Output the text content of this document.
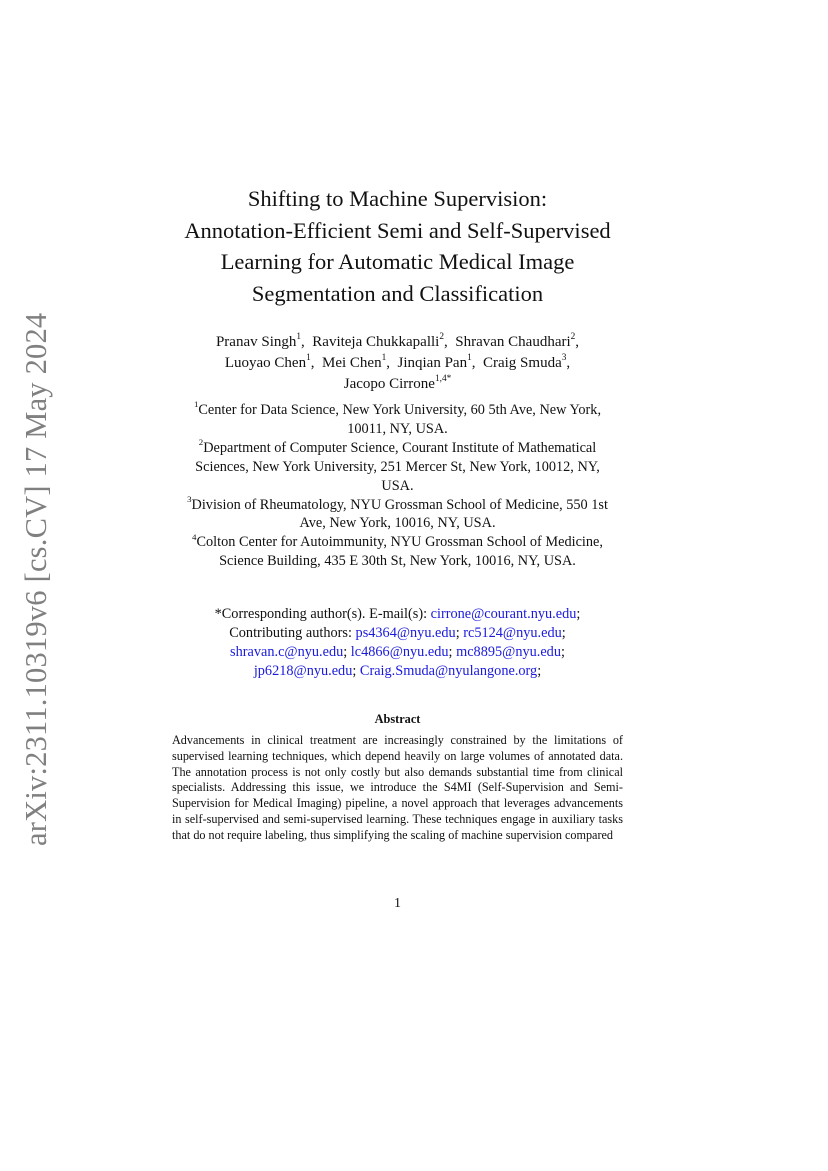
arXiv:2311.10319v6 [cs.CV] 17 May 2024
Shifting to Machine Supervision:
Annotation-Efficient Semi and Self-Supervised
Learning for Automatic Medical Image
Segmentation and Classification
Pranav Singh$^1$,  Raviteja Chukkapalli$^2$,  Shravan Chaudhari$^2$,
Luoyao Chen$^1$,  Mei Chen$^1$,  Jinqian Pan$^1$,  Craig Smuda$^3$,
Jacopo Cirrone$^{1,4*}$
$^1$Center for Data Science, New York University, 60 5th Ave, New York,
10011, NY, USA.
$^2$Department of Computer Science, Courant Institute of Mathematical
Sciences, New York University, 251 Mercer St, New York, 10012, NY,
USA.
$^3$Division of Rheumatology, NYU Grossman School of Medicine, 550 1st
Ave, New York, 10016, NY, USA.
$^4$Colton Center for Autoimmunity, NYU Grossman School of Medicine,
Science Building, 435 E 30th St, New York, 10016, NY, USA.
*Corresponding author(s). E-mail(s): cirrone@courant.nyu.edu;
Contributing authors: ps4364@nyu.edu; rc5124@nyu.edu;
shravan.c@nyu.edu; lc4866@nyu.edu; mc8895@nyu.edu;
jp6218@nyu.edu; Craig.Smuda@nyulangone.org;
Abstract

Advancements in clinical treatment are increasingly constrained by the limitations of supervised learning techniques, which depend heavily on large volumes of annotated data. The annotation process is not only costly but also demands substantial time from clinical specialists. Addressing this issue, we introduce the S4MI (Self-Supervision and Semi-Supervision for Medical Imaging) pipeline, a novel approach that leverages advancements in self-supervised and semi-supervised learning. These techniques engage in auxiliary tasks that do not require labeling, thus simplifying the scaling of machine supervision compared

1
